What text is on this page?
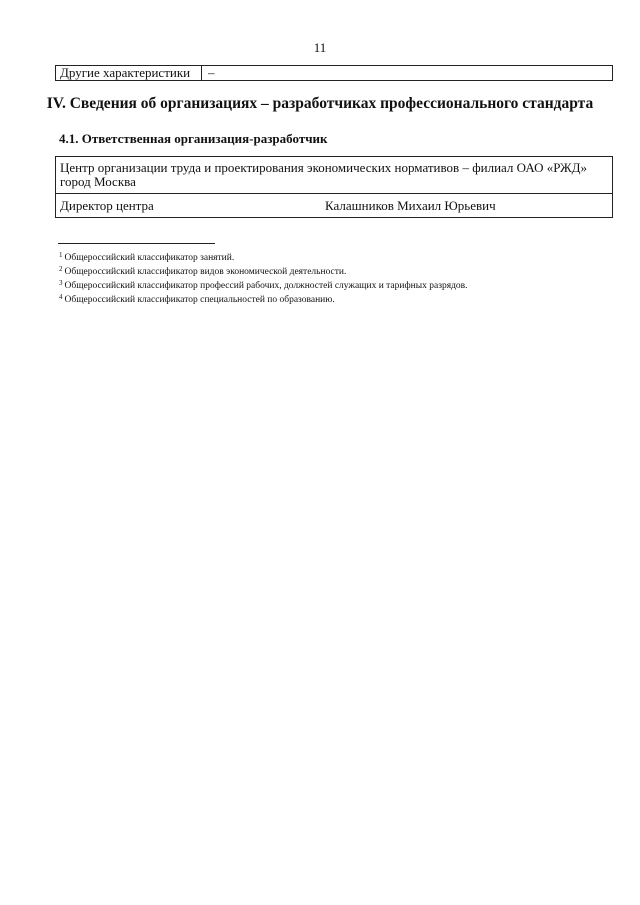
11
Другие характеристики	–
IV. Сведения об организациях – разработчиках профессионального стандарта
4.1. Ответственная организация-разработчик
Центр организации труда и проектирования экономических нормативов – филиал ОАО «РЖД»
город Москва
Директор центра	Калашников Михаил Юрьевич
$^1$ Общероссийский классификатор занятий.
$^2$ Общероссийский классификатор видов экономической деятельности.
$^3$ Общероссийский классификатор профессий рабочих, должностей служащих и тарифных разрядов.
$^4$ Общероссийский классификатор специальностей по образованию.
